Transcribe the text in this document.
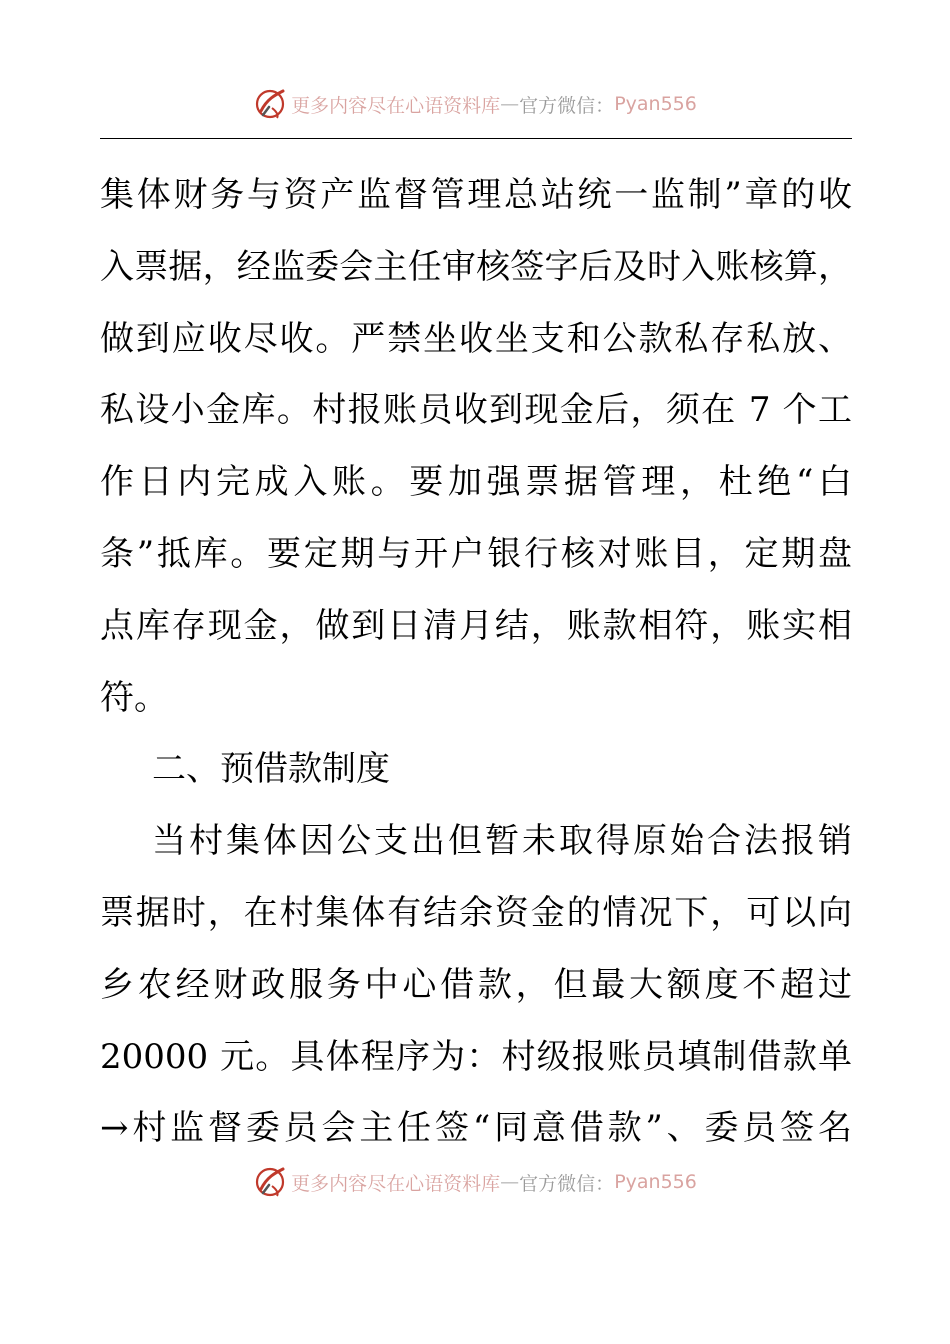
更多内容尽在心语资料库 — 官方微信： Pyan556
集体财务与资产监督管理总站统一监制”章的收
入票据，经监委会主任审核签字后及时入账核算，
做到应收尽收。严禁坐收坐支和公款私存私放、
私设小金库。村报账员收到现金后，须在 7 个工
作日内完成入账。要加强票据管理，杜绝“白
条”抵库。要定期与开户银行核对账目，定期盘
点库存现金，做到日清月结，账款相符，账实相
符。
二、预借款制度
当村集体因公支出但暂未取得原始合法报销
票据时，在村集体有结余资金的情况下，可以向
乡农经财政服务中心借款，但最大额度不超过
20000 元。具体程序为：村级报账员填制借款单
→村监督委员会主任签“同意借款”、委员签名
更多内容尽在心语资料库 — 官方微信： Pyan556
